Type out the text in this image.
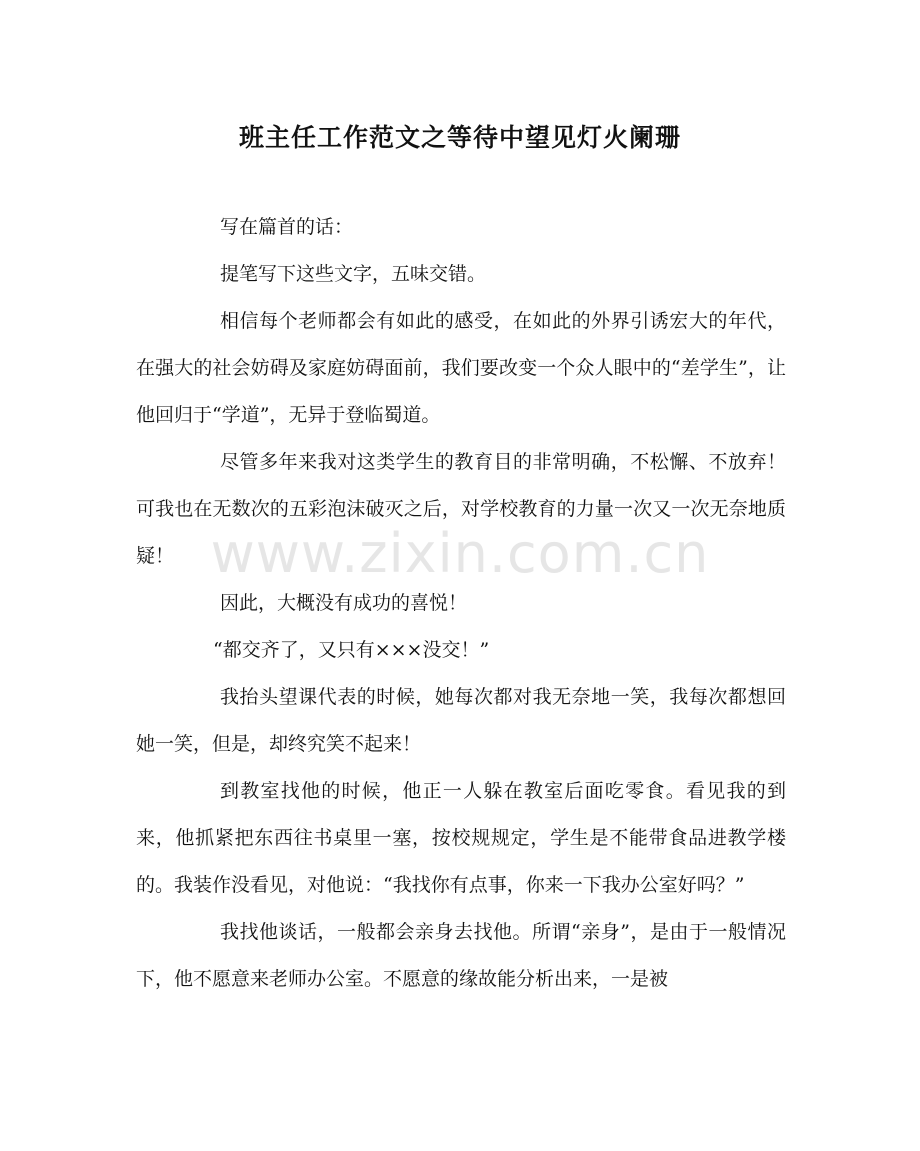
班主任工作范文之等待中望见灯火阑珊

写在篇首的话：

提笔写下这些文字，五味交错。

相信每个老师都会有如此的感受，在如此的外界引诱宏大的年代，在强大的社会妨碍及家庭妨碍面前，我们要改变一个众人眼中的“差学生”，让他回归于“学道”，无异于登临蜀道。

尽管多年来我对这类学生的教育目的非常明确，不松懈、不放弃！可我也在无数次的五彩泡沫破灭之后，对学校教育的力量一次又一次无奈地质疑！

因此，大概没有成功的喜悦！

“都交齐了，又只有×××没交！”

我抬头望课代表的时候，她每次都对我无奈地一笑，我每次都想回她一笑，但是，却终究笑不起来！

到教室找他的时候，他正一人躲在教室后面吃零食。看见我的到来，他抓紧把东西往书桌里一塞，按校规规定，学生是不能带食品进教学楼的。我装作没看见，对他说：“我找你有点事，你来一下我办公室好吗？”

我找他谈话，一般都会亲身去找他。所谓“亲身”，是由于一般情况下，他不愿意来老师办公室。不愿意的缘故能分析出来，一是被

www.zixin.com.cn
